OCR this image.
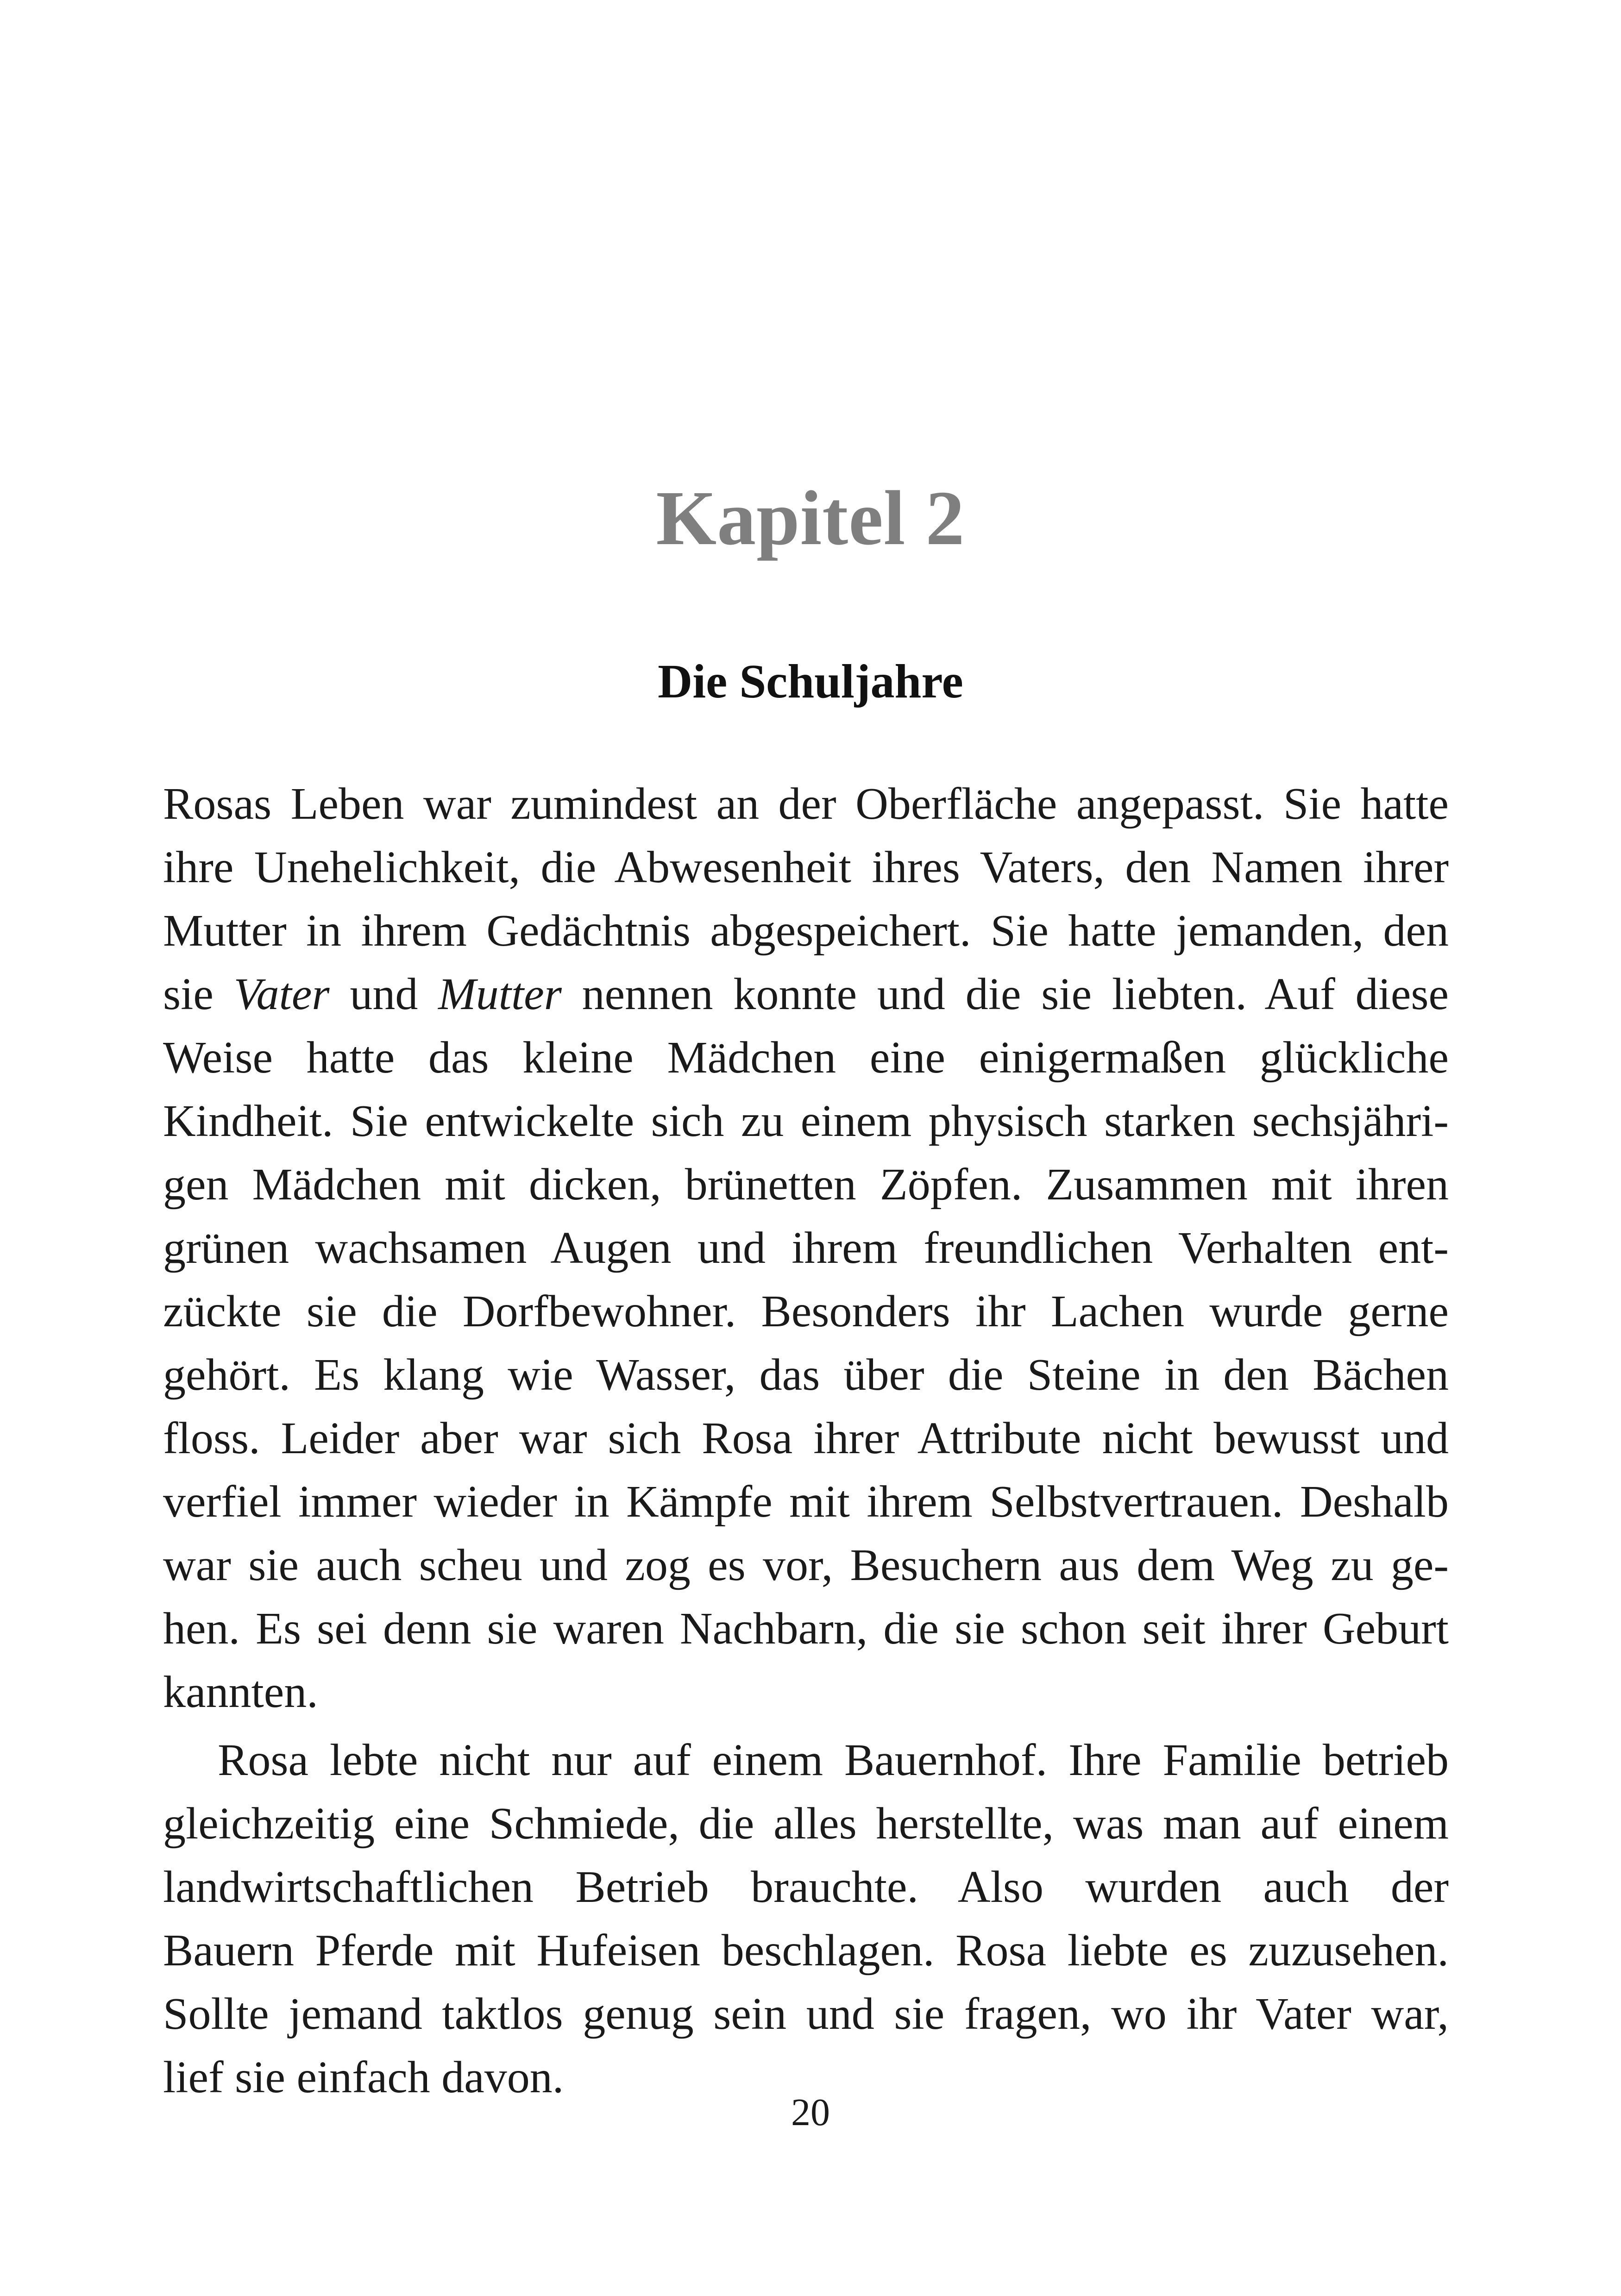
Kapitel 2
Die Schuljahre
Rosas Leben war zumindest an der Oberfläche angepasst. Sie hatte
ihre Unehelichkeit, die Abwesenheit ihres Vaters, den Namen ihrer
Mutter in ihrem Gedächtnis abgespeichert. Sie hatte jemanden, den
sie Vater und Mutter nennen konnte und die sie liebten. Auf diese
Weise hatte das kleine Mädchen eine einigermaßen glückliche
Kindheit. Sie entwickelte sich zu einem physisch starken sechsjähri-
gen Mädchen mit dicken, brünetten Zöpfen. Zusammen mit ihren
grünen wachsamen Augen und ihrem freundlichen Verhalten ent-
zückte sie die Dorfbewohner. Besonders ihr Lachen wurde gerne
gehört. Es klang wie Wasser, das über die Steine in den Bächen
floss. Leider aber war sich Rosa ihrer Attribute nicht bewusst und
verfiel immer wieder in Kämpfe mit ihrem Selbstvertrauen. Deshalb
war sie auch scheu und zog es vor, Besuchern aus dem Weg zu ge-
hen. Es sei denn sie waren Nachbarn, die sie schon seit ihrer Geburt
kannten.
Rosa lebte nicht nur auf einem Bauernhof. Ihre Familie betrieb
gleichzeitig eine Schmiede, die alles herstellte, was man auf einem
landwirtschaftlichen Betrieb brauchte. Also wurden auch der
Bauern Pferde mit Hufeisen beschlagen. Rosa liebte es zuzusehen.
Sollte jemand taktlos genug sein und sie fragen, wo ihr Vater war,
lief sie einfach davon.
20
